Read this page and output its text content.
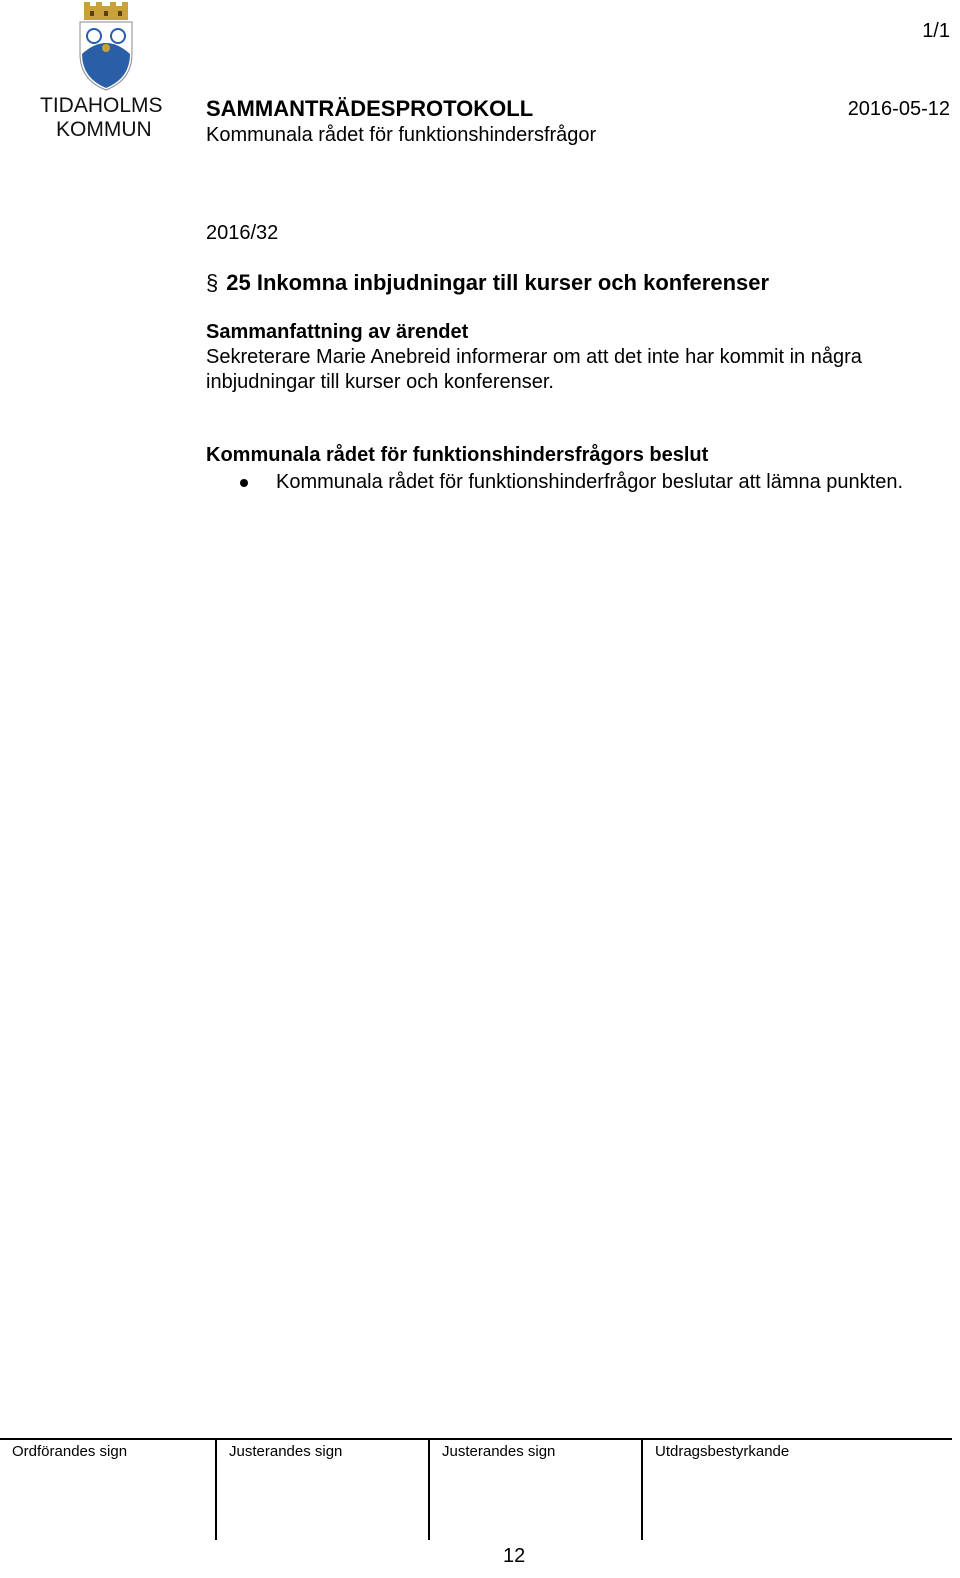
TIDAHOLMS
KOMMUN
1/1
SAMMANTRÄDESPROTOKOLL	2016-05-12
Kommunala rådet för funktionshindersfrågor
2016/32
§ 25 Inkomna inbjudningar till kurser och konferenser
Sammanfattning av ärendet
Sekreterare Marie Anebreid informerar om att det inte har kommit in några inbjudningar till kurser och konferenser.
Kommunala rådet för funktionshindersfrågors beslut
Kommunala rådet för funktionshinderfrågor beslutar att lämna punkten.
Ordförandes sign	Justerandes sign	Justerandes sign	Utdragsbestyrkande
12
